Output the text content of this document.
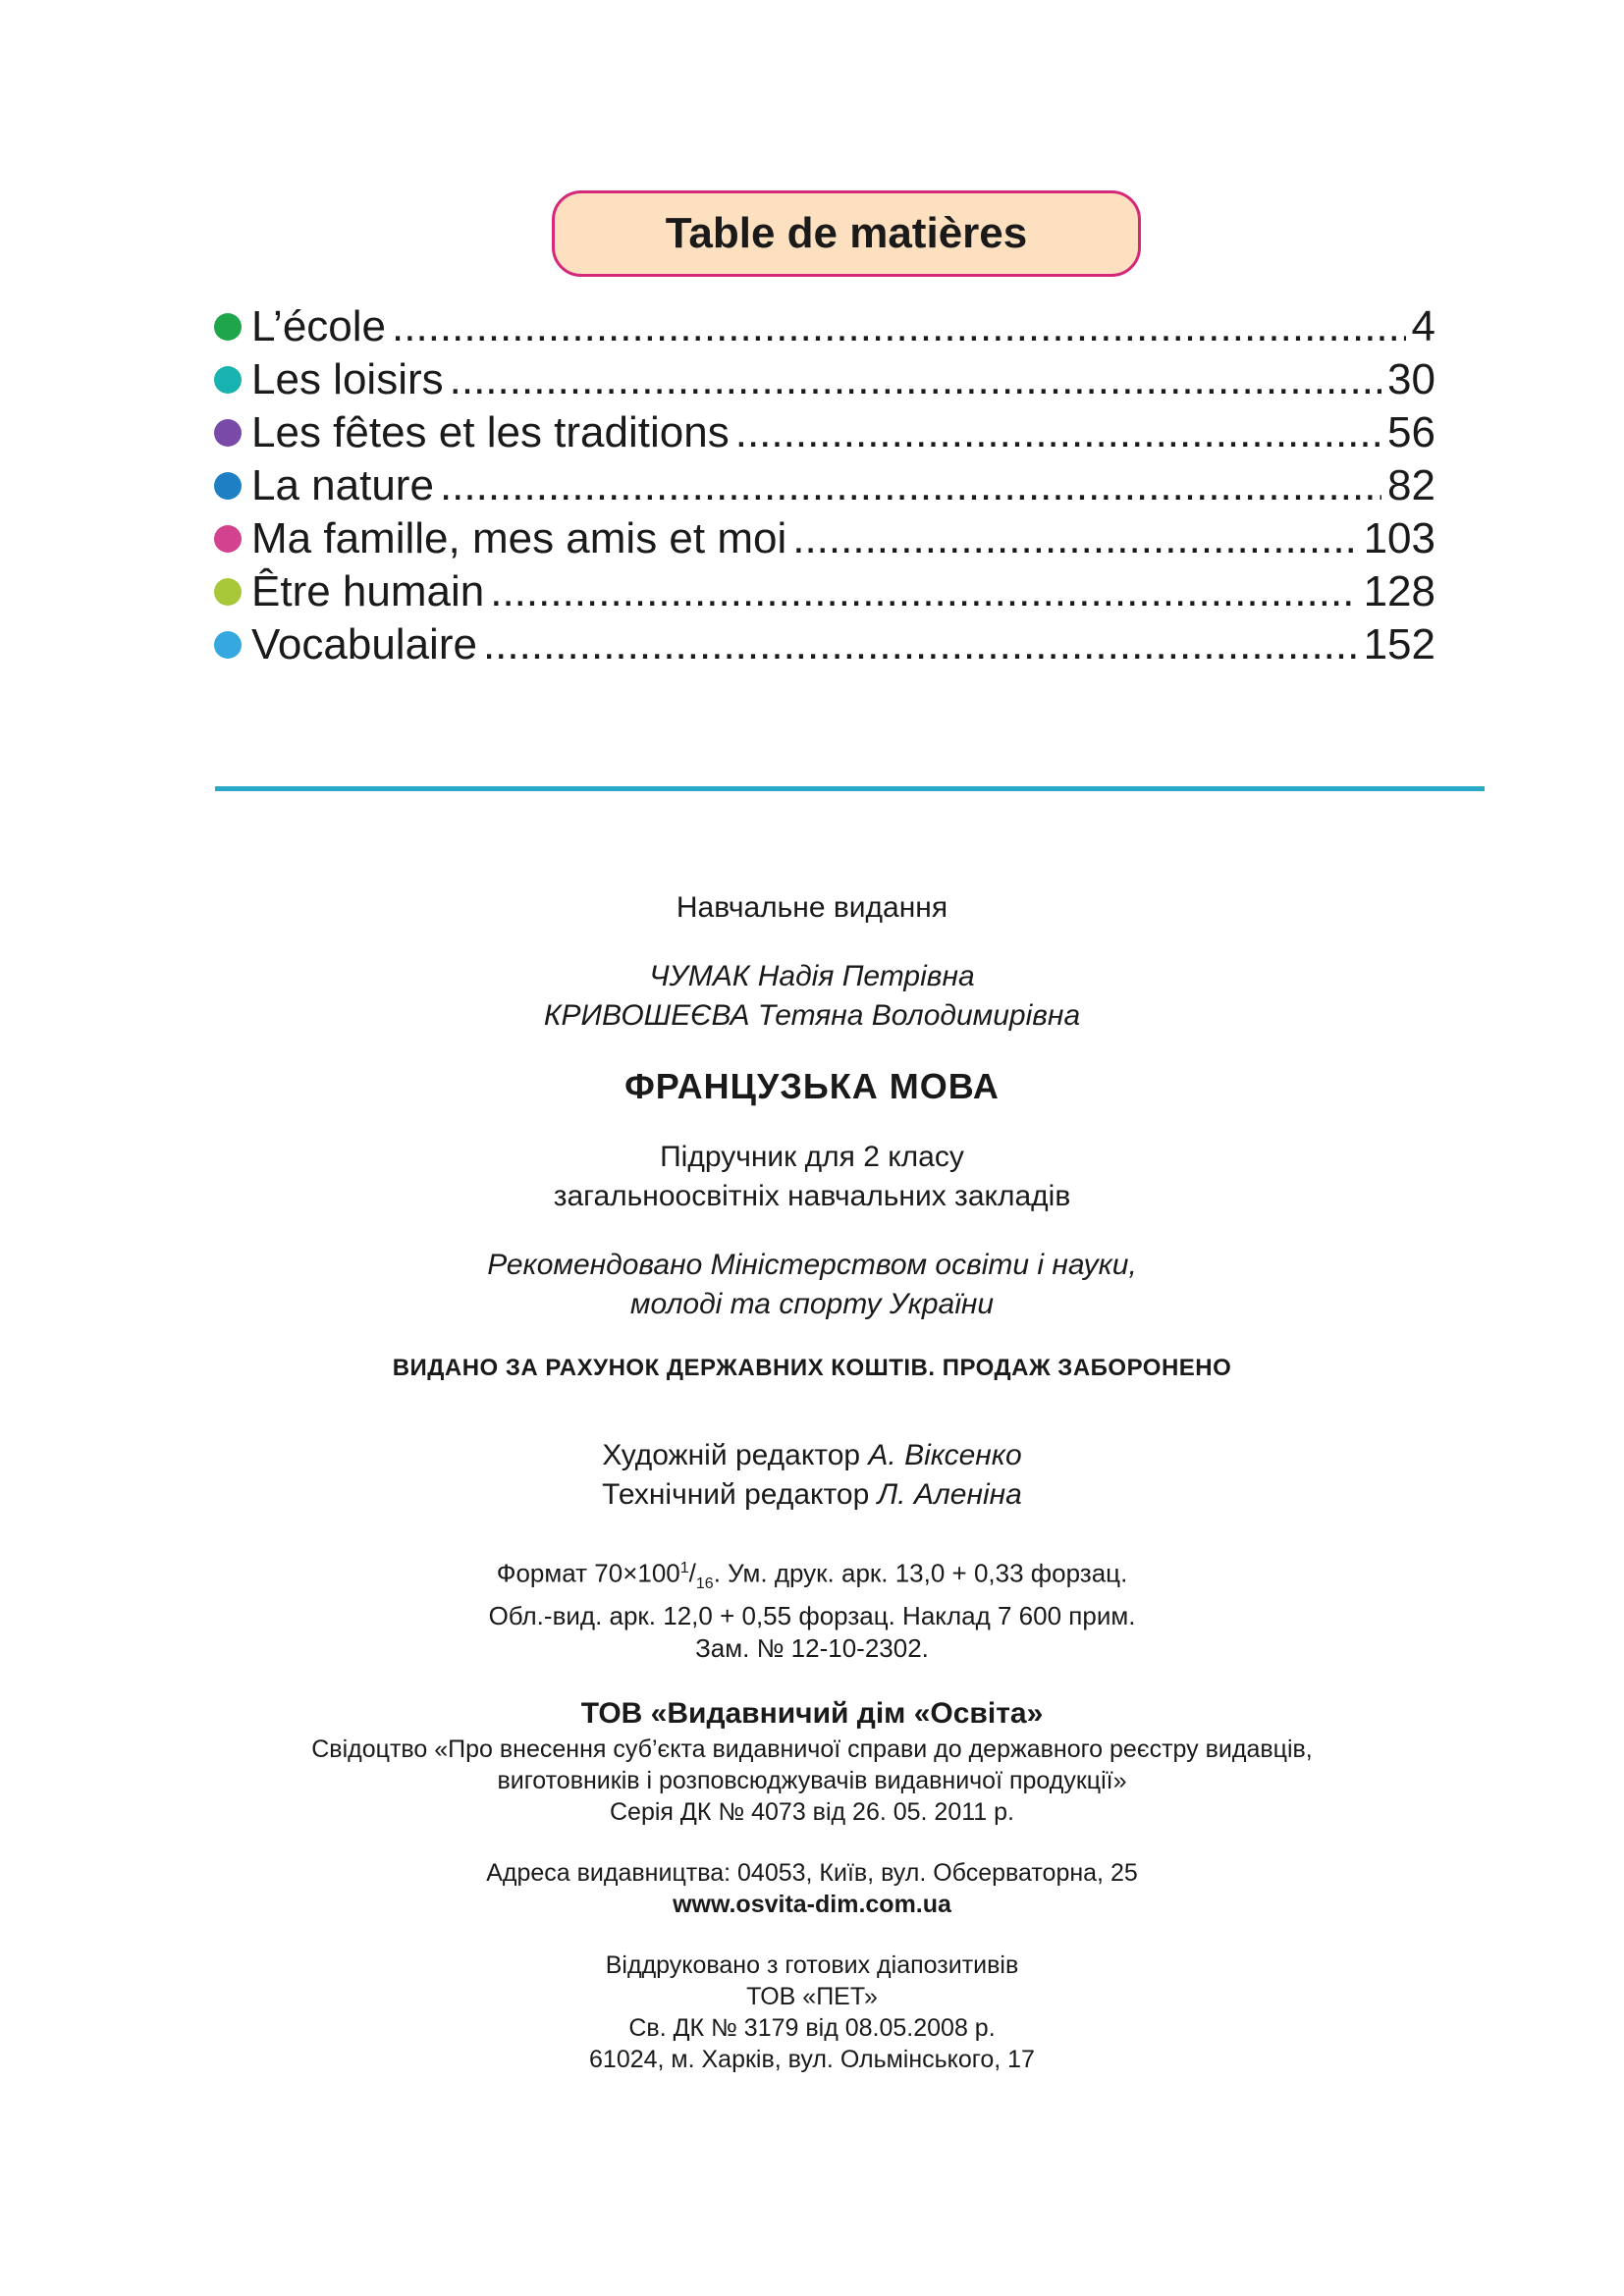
Table de matières
L’école .....	4
Les loisirs .....	30
Les fêtes et les traditions .....	56
La nature .....	82
Ma famille, mes amis et moi .....	103
Être humain .....	128
Vocabulaire .....	152

Навчальне видання

ЧУМАК Надія Петрівна

КРИВОШЕЄВА Тетяна Володимирівна

ФРАНЦУЗЬКА МОВА

Підручник для 2 класу

загальноосвітніх навчальних закладів

Рекомендовано Міністерством освіти і науки,

молоді та спорту України

ВИДАНО ЗА РАХУНОК ДЕРЖАВНИХ КОШТІВ. ПРОДАЖ ЗАБОРОНЕНО

Художній редактор А. Віксенко

Технічний редактор Л. Аленіна

Формат $70\times 100^1/_{16}$. Ум. друк. арк. 13,0 + 0,33 форзац.

Обл.-вид. арк. 12,0 + 0,55 форзац. Наклад 7 600 прим.

Зам. № 12-10-2302.

ТОВ «Видавничий дім «Освіта»

Свідоцтво «Про внесення суб’єкта видавничої справи до державного реєстру видавців,

виготовників і розповсюджувачів видавничої продукції»

Серія ДК № 4073 від 26. 05. 2011 р.

Адреса видавництва: 04053, Київ, вул. Обсерваторна, 25

www.osvita-dim.com.ua

Віддруковано з готових діапозитивів

ТОВ «ПЕТ»

Св. ДК № 3179 від 08.05.2008 р.

61024, м. Харків, вул. Ольмінського, 17
